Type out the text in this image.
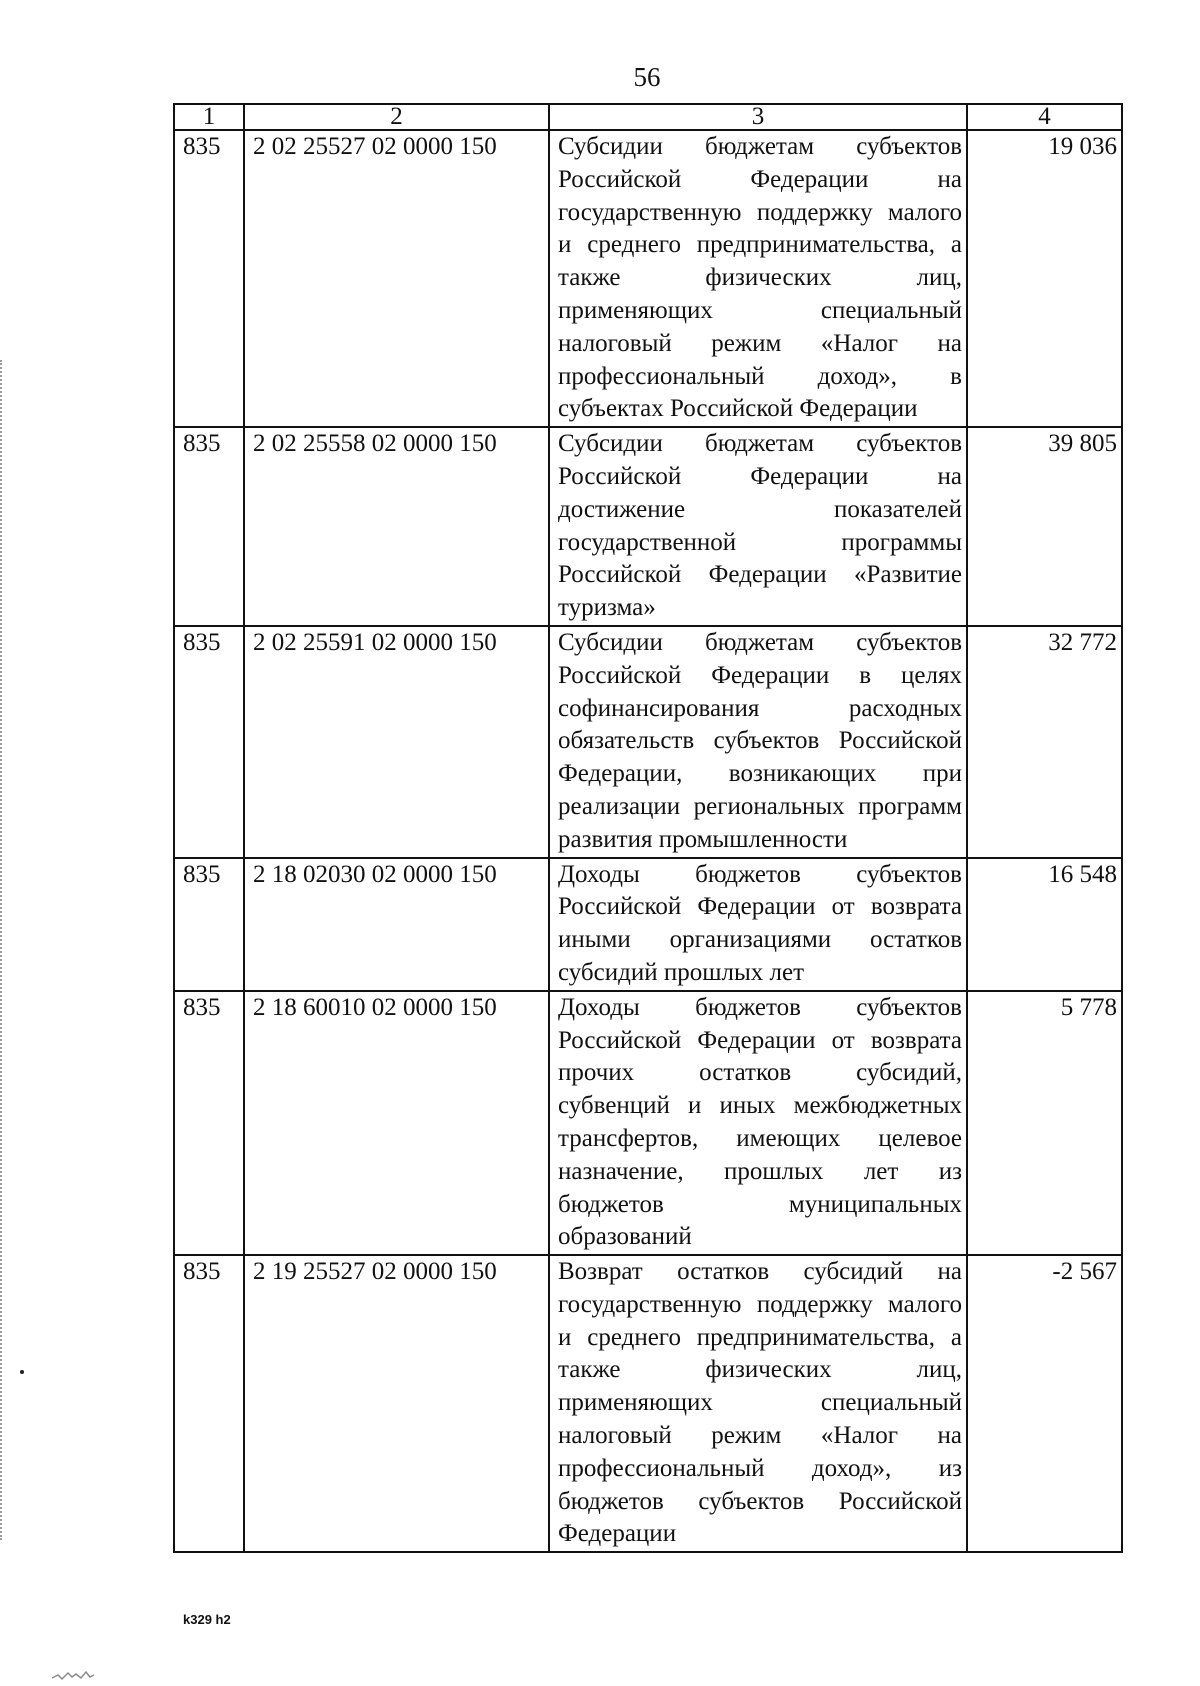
56
1	2	3	4
835	2 02 25527 02 0000 150	Субсидии бюджетам субъектов Российской Федерации на государственную поддержку малого и среднего предпринимательства, а также физических лиц, применяющих специальный налоговый режим «Налог на профессиональный доход», в субъектах Российской Федерации	19 036
835	2 02 25558 02 0000 150	Субсидии бюджетам субъектов Российской Федерации на достижение показателей государственной программы Российской Федерации «Развитие туризма»	39 805
835	2 02 25591 02 0000 150	Субсидии бюджетам субъектов Российской Федерации в целях софинансирования расходных обязательств субъектов Российской Федерации, возникающих при реализации региональных программ развития промышленности	32 772
835	2 18 02030 02 0000 150	Доходы бюджетов субъектов Российской Федерации от возврата иными организациями остатков субсидий прошлых лет	16 548
835	2 18 60010 02 0000 150	Доходы бюджетов субъектов Российской Федерации от возврата прочих остатков субсидий, субвенций и иных межбюджетных трансфертов, имеющих целевое назначение, прошлых лет из бюджетов муниципальных образований	5 778
835	2 19 25527 02 0000 150	Возврат остатков субсидий на государственную поддержку малого и среднего предпринимательства, а также физических лиц, применяющих специальный налоговый режим «Налог на профессиональный доход», из бюджетов субъектов Российской Федерации	-2 567
k329 h2
